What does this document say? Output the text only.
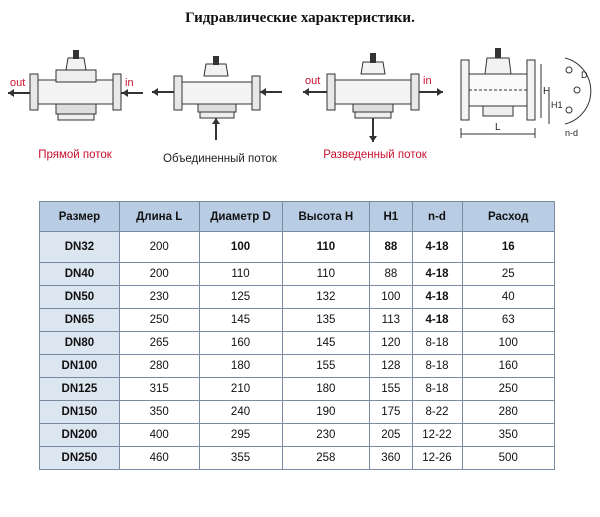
Гидравлические характеристики.
out	in
Прямой поток	Объединенный поток
out	in
Разведенный поток
L
H
H1
D
n-d
Размер	Длина L	Диаметр D	Высота H	H1	n-d	Расход
DN32	200	100	110	88	4-18	16
DN40	200	110	110	88	4-18	25
DN50	230	125	132	100	4-18	40
DN65	250	145	135	113	4-18	63
DN80	265	160	145	120	8-18	100
DN100	280	180	155	128	8-18	160
DN125	315	210	180	155	8-18	250
DN150	350	240	190	175	8-22	280
DN200	400	295	230	205	12-22	350
DN250	460	355	258	360	12-26	500
